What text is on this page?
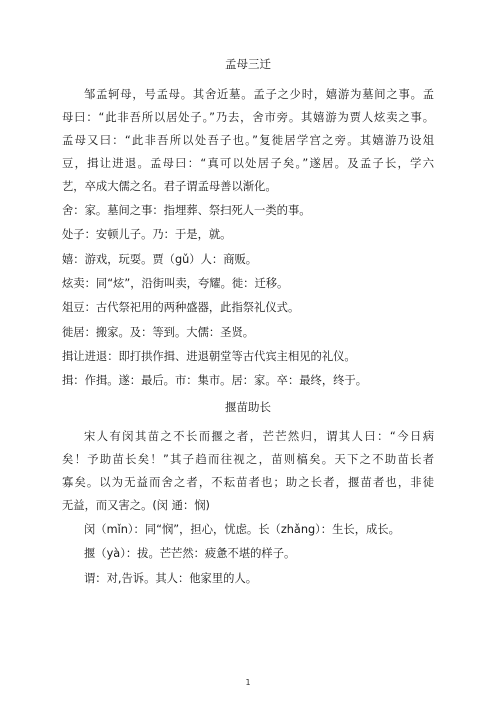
孟母三迁
邹孟轲母，号孟母。其舍近墓。孟子之少时，嬉游为墓间之事。孟
母曰：“此非吾所以居处子。”乃去，舍市旁。其嬉游为贾人炫卖之事。
孟母又曰：“此非吾所以处吾子也。”复徙居学宫之旁。其嬉游乃设俎
豆，揖让进退。孟母曰：“真可以处居子矣。”遂居。及孟子长，学六
艺，卒成大儒之名。君子谓孟母善以渐化。
舍：家。墓间之事：指埋葬、祭扫死人一类的事。
处子：安顿儿子。乃：于是，就。
嬉：游戏，玩耍。贾（gǔ）人：商贩。
炫卖：同“炫”，沿街叫卖，夸耀。徙：迁移。
俎豆：古代祭祀用的两种盛器，此指祭礼仪式。
徙居：搬家。及：等到。大儒：圣贤。
揖让进退：即打拱作揖、进退朝堂等古代宾主相见的礼仪。
揖：作揖。遂：最后。市：集市。居：家。卒：最终，终于。
揠苗助长
宋人有闵其苗之不长而揠之者，芒芒然归，谓其人曰：“今日病
矣！予助苗长矣！”其子趋而往视之，苗则槁矣。天下之不助苗长者
寡矣。以为无益而舍之者，不耘苗者也；助之长者，揠苗者也，非徒
无益，而又害之。(闵 通：悯)
闵（mǐn）：同“悯”，担心，忧虑。长（zhǎng）：生长，成长。
揠（yà）：拔。芒芒然：疲惫不堪的样子。
谓：对,告诉。其人：他家里的人。
1
